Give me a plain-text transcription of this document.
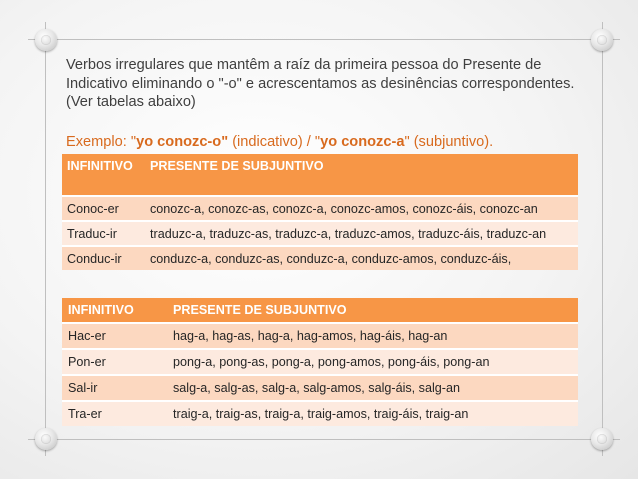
Verbos irregulares que mantêm a raíz da primeira pessoa do Presente de Indicativo eliminando o "-o" e acrescentamos as desinências correspondentes.(Ver tabelas abaixo)
Exemplo: "yo conozc-o" (indicativo) / "yo conozc-a" (subjuntivo).
INFINITIVO	PRESENTE DE SUBJUNTIVO
Conoc-er	conozc-a, conozc-as, conozc-a, conozc-amos, conozc-áis, conozc-an
Traduc-ir	traduzc-a, traduzc-as, traduzc-a, traduzc-amos, traduzc-áis, traduzc-an
Conduc-ir	conduzc-a, conduzc-as, conduzc-a, conduzc-amos, conduzc-áis,
INFINITIVO	PRESENTE DE SUBJUNTIVO
Hac-er	hag-a, hag-as, hag-a, hag-amos, hag-áis, hag-an
Pon-er	pong-a, pong-as, pong-a, pong-amos, pong-áis, pong-an
Sal-ir	salg-a, salg-as, salg-a, salg-amos, salg-áis, salg-an
Tra-er	traig-a, traig-as, traig-a, traig-amos, traig-áis, traig-an
